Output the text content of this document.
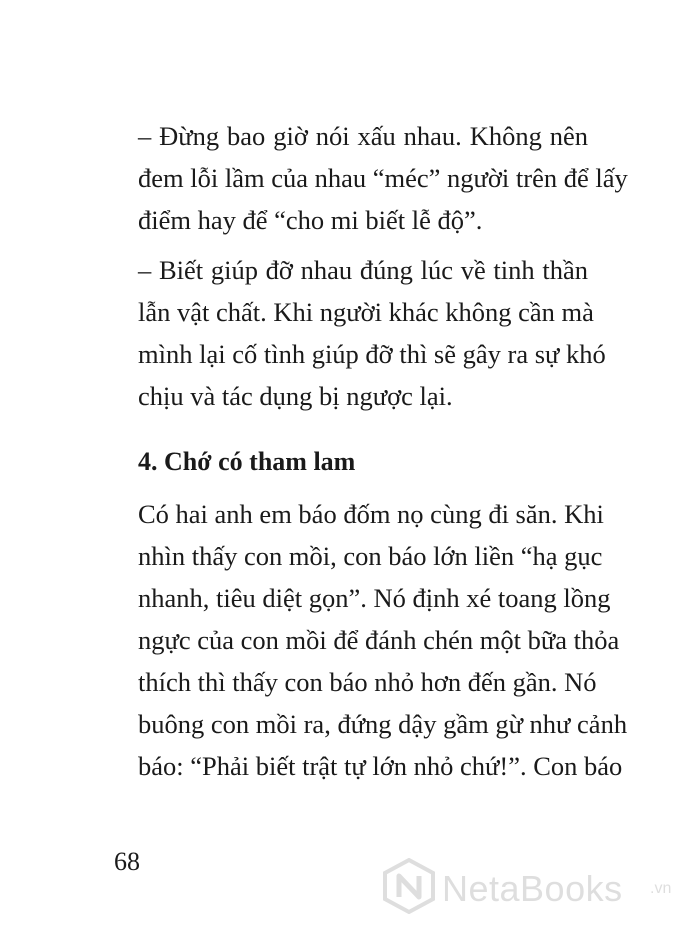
– Đừng bao giờ nói xấu nhau. Không nên
đem lỗi lầm của nhau “méc” người trên để lấy
điểm hay để “cho mi biết lễ độ”.
– Biết giúp đỡ nhau đúng lúc về tinh thần
lẫn vật chất. Khi người khác không cần mà
mình lại cố tình giúp đỡ thì sẽ gây ra sự khó
chịu và tác dụng bị ngược lại.
4. Chớ có tham lam
Có hai anh em báo đốm nọ cùng đi săn. Khi
nhìn thấy con mồi, con báo lớn liền “hạ gục
nhanh, tiêu diệt gọn”. Nó định xé toang lồng
ngực của con mồi để đánh chén một bữa thỏa
thích thì thấy con báo nhỏ hơn đến gần. Nó
buông con mồi ra, đứng dậy gầm gừ như cảnh
báo: “Phải biết trật tự lớn nhỏ chứ!”. Con báo
68
NetaBooks .vn
